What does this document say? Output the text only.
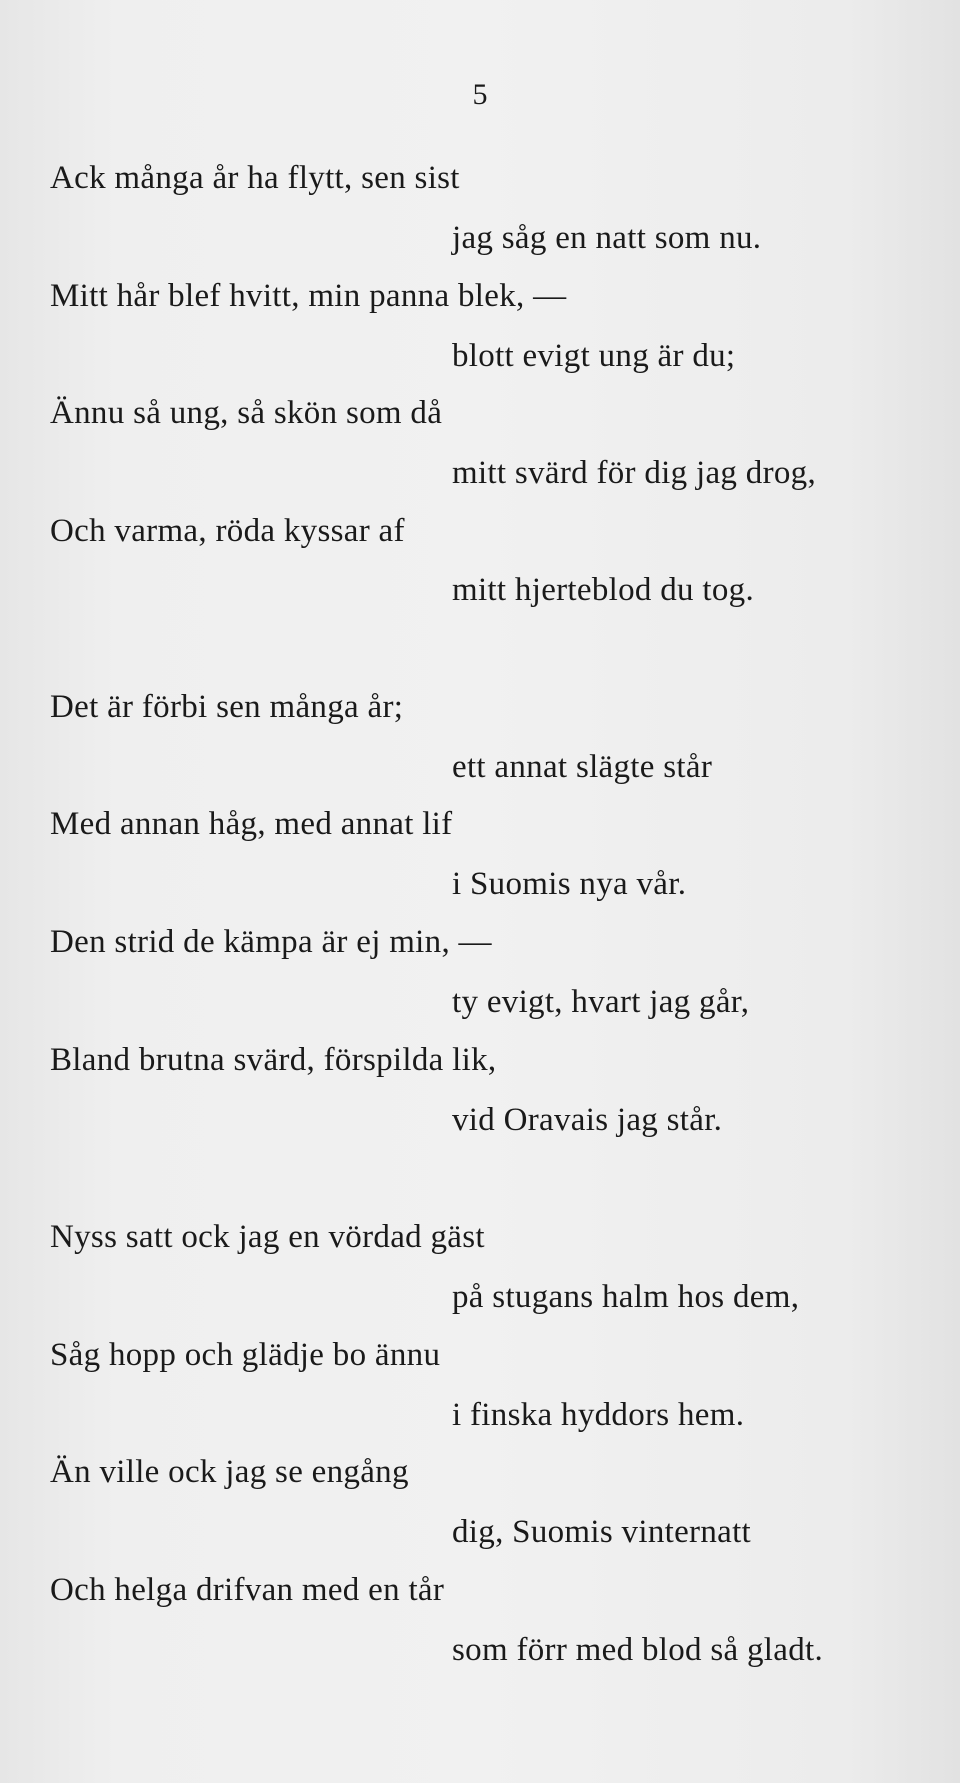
5
Ack många år ha flytt, sen sist
jag såg en natt som nu.
Mitt hår blef hvitt, min panna blek, —
blott evigt ung är du;
Ännu så ung, så skön som då
mitt svärd för dig jag drog,
Och varma, röda kyssar af
mitt hjerteblod du tog.
Det är förbi sen många år;
ett annat slägte står
Med annan håg, med annat lif
i Suomis nya vår.
Den strid de kämpa är ej min, —
ty evigt, hvart jag går,
Bland brutna svärd, förspilda lik,
vid Oravais jag står.
Nyss satt ock jag en vördad gäst
på stugans halm hos dem,
Såg hopp och glädje bo ännu
i finska hyddors hem.
Än ville ock jag se engång
dig, Suomis vinternatt
Och helga drifvan med en tår
som förr med blod så gladt.
